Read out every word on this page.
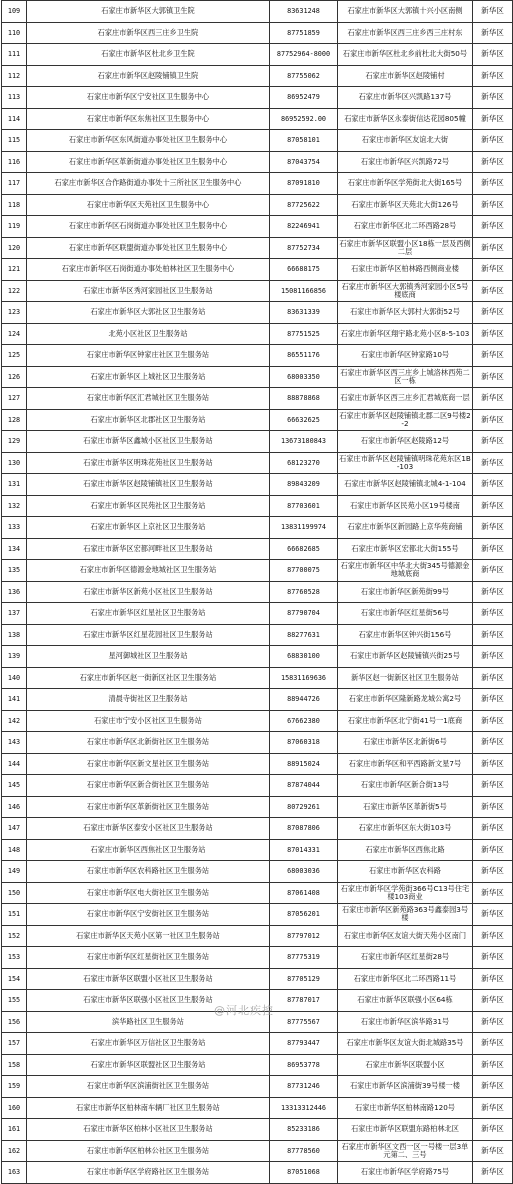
109	石家庄市新华区大郭镇卫生院	83631248	石家庄市新华区大郭镇十兴小区南侧	新华区
110	石家庄市新华区西三庄乡卫生院	87751859	石家庄市新华区西三庄乡西三庄村东	新华区
111	石家庄市新华区杜北乡卫生院	87752964-8000	石家庄市新华区杜北乡前杜北大街50号	新华区
112	石家庄市新华区赵陵铺镇卫生院	87755062	石家庄市新华区赵陵铺村	新华区
113	石家庄市新华区宁安社区卫生服务中心	86952479	石家庄市新华区兴凯路137号	新华区
114	石家庄市新华区东焦社区卫生服务中心	86952592.00	石家庄市新华区永泰街信达花园805幢	新华区
115	石家庄市新华区东风街道办事处社区卫生服务中心	87058101	石家庄市新华区友谊北大街	新华区
116	石家庄市新华区革新街道办事处社区卫生服务中心	87043754	石家庄市新华区兴凯路72号	新华区
117	石家庄市新华区合作路街道办事处十三所社区卫生服务中心	87091810	石家庄市新华区学苑街北大街165号	新华区
118	石家庄市新华区天苑社区卫生服务中心	87725622	石家庄市新华区天苑北大街126号	新华区
119	石家庄市新华区石岗街道办事处社区卫生服务中心	82246941	石家庄市新华区北二环西路28号	新华区
120	石家庄市新华区联盟街道办事处社区卫生服务中心	87752734	石家庄市新华区联盟小区18栋一层及西侧二层	新华区
121	石家庄市新华区石岗街道办事处柏林社区卫生服务中心	66688175	石家庄市新华区柏林路西侧商业楼	新华区
122	石家庄市新华区秀河家园社区卫生服务站	15081166856	石家庄市新华区大郭镇秀河家园小区5号楼底商	新华区
123	石家庄市新华区大郭社区卫生服务站	83631339	石家庄市新华区大郭村大郭街52号	新华区
124	北苑小区社区卫生服务站	87751525	石家庄市新华区翔宇路北苑小区8-5-103	新华区
125	石家庄市新华区钟家庄社区卫生服务站	86551176	石家庄市新华区钟家路10号	新华区
126	石家庄市新华区上城社区卫生服务站	68003350	石家庄市新华区西三庄乡上城洛林西苑二区一栋	新华区
127	石家庄市新华区汇君城社区卫生服务站	88878868	石家庄市新华区西三庄乡汇君城底商一层	新华区
128	石家庄市新华区北郡社区卫生服务站	66632625	石家庄市新华区赵陵铺镇北郡二区9号楼2-2	新华区
129	石家庄市新华区鑫城小区社区卫生服务站	13673180843	石家庄市新华区赵陵路12号	新华区
130	石家庄市新华区明珠花苑社区卫生服务站	68123270	石家庄市新华区赵陵铺镇明珠花苑东区1B-103	新华区
131	石家庄市新华区赵陵铺镇社区卫生服务站	89843209	石家庄市新华区赵陵铺镇北城4-1-104	新华区
132	石家庄市新华区民苑社区卫生服务站	87703601	石家庄市新华区民苑小区19号楼南	新华区
133	石家庄市新华区上京社区卫生服务站	13831199974	石家庄市新华区新园路上京华苑商铺	新华区
134	石家庄市新华区宏都河畔社区卫生服务站	66682685	石家庄市新华区宏都北大街155号	新华区
135	石家庄市新华区德源金地城社区卫生服务站	87700075	石家庄市新华区中华北大街345号德源金地城底商	新华区
136	石家庄市新华区新苑小区社区卫生服务站	87760528	石家庄市新华区新苑街99号	新华区
137	石家庄市新华区红星社区卫生服务站	87790704	石家庄市新华区红星街56号	新华区
138	石家庄市新华区红星花园社区卫生服务站	88277631	石家庄市新华区钟兴街156号	新华区
139	星河御城社区卫生服务站	68830100	石家庄市新华区赵陵铺镇兴街25号	新华区
140	石家庄市新华区赵一街新区社区卫生服务站	15831169636	新华区赵一街新区社区卫生服务站	新华区
141	清晨寺街社区卫生服务站	88944726	石家庄市新华区隆新路龙城公寓2号	新华区
142	石家庄市宁安小区社区卫生服务站	67662380	石家庄市新华区北宁街41号一1底商	新华区
143	石家庄市新华区北新街社区卫生服务站	87060318	石家庄市新华区北新街6号	新华区
144	石家庄市新华区新文星社区卫生服务站	88915024	石家庄市新华区和平西路新文星7号	新华区
145	石家庄市新华区新合街社区卫生服务站	87874044	石家庄市新华区新合街13号	新华区
146	石家庄市新华区革新街社区卫生服务站	80729261	石家庄市新华区革新街5号	新华区
147	石家庄市新华区泰安小区社区卫生服务站	87087806	石家庄市新华区东大街103号	新华区
148	石家庄市新华区西焦社区卫生服务站	87014331	石家庄市新华区西焦北路	新华区
149	石家庄市新华区农科路社区卫生服务站	68003036	石家庄市新华区农科路	新华区
150	石家庄市新华区电大街社区卫生服务站	87061408	石家庄市新华区学苑街366号C13号住宅楼103商业	新华区
151	石家庄市新华区宁安街社区卫生服务站	87056201	石家庄市新华区新苑路363号鑫泰园3号楼	新华区
152	石家庄市新华区天苑小区第一社区卫生服务站	87797012	石家庄市新华区友谊大街天苑小区南门	新华区
153	石家庄市新华区红星街社区卫生服务站	87775319	石家庄市新华区红星街28号	新华区
154	石家庄市新华区联盟小区社区卫生服务站	87705129	石家庄市新华区北二环西路11号	新华区
155	石家庄市新华区联强小区社区卫生服务站	87787017	石家庄市新华区联强小区64栋	新华区
156	滨华路社区卫生服务站	87775567	石家庄市新华区滨华路31号	新华区
157	石家庄市新华区万信社区卫生服务站	87793447	石家庄市新华区友谊大街北城路35号	新华区
158	石家庄市新华区联盟社区卫生服务站	86953778	石家庄市新华区联盟小区	新华区
159	石家庄市新华区滨浦街社区卫生服务站	87731246	石家庄市新华区滨浦街39号楼一楼	新华区
160	石家庄市新华区柏林南车辆厂社区卫生服务站	13313312446	石家庄市新华区柏林南路120号	新华区
161	石家庄市新华区柏林小区社区卫生服务站	85233186	石家庄市新华区联盟东路柏林北区	新华区
162	石家庄市新华区柏林公社区卫生服务站	87778560	石家庄市新华区文西一区一号楼一层3单元第二、三号	新华区
163	石家庄市新华区学府路社区卫生服务站	87051068	石家庄市新华区学府路75号	新华区
@河北疾控
